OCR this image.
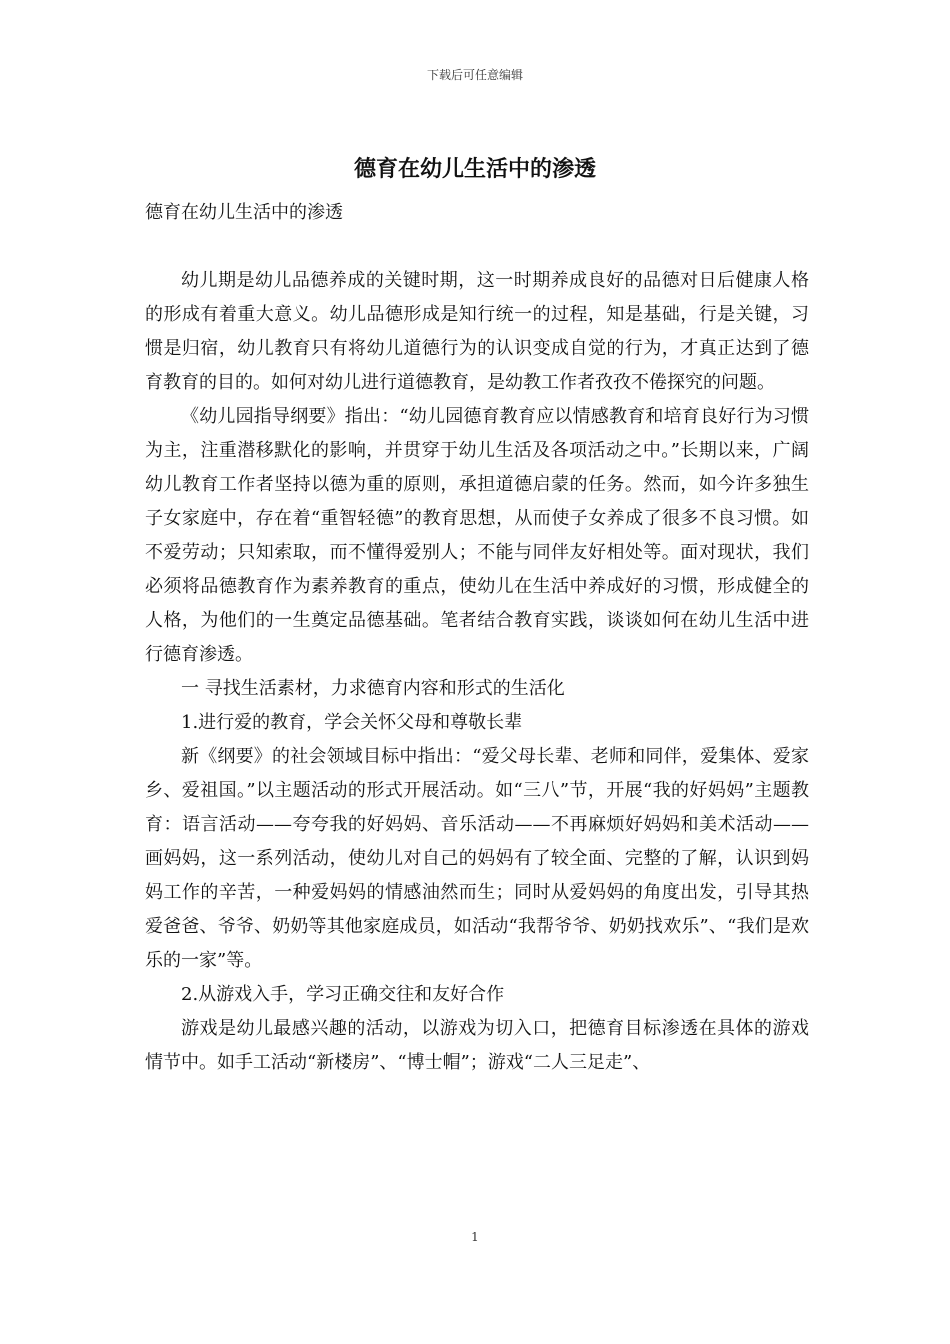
下载后可任意编辑
德育在幼儿生活中的渗透

德育在幼儿生活中的渗透

幼儿期是幼儿品德养成的关键时期，这一时期养成良好的品德对日后健康人格的形成有着重大意义。幼儿品德形成是知行统一的过程，知是基础，行是关键，习惯是归宿，幼儿教育只有将幼儿道德行为的认识变成自觉的行为，才真正达到了德育教育的目的。如何对幼儿进行道德教育，是幼教工作者孜孜不倦探究的问题。

《幼儿园指导纲要》指出：“幼儿园德育教育应以情感教育和培育良好行为习惯为主，注重潜移默化的影响，并贯穿于幼儿生活及各项活动之中。”长期以来，广阔幼儿教育工作者坚持以德为重的原则，承担道德启蒙的任务。然而，如今许多独生子女家庭中，存在着“重智轻德”的教育思想，从而使子女养成了很多不良习惯。如不爱劳动；只知索取，而不懂得爱别人；不能与同伴友好相处等。面对现状，我们必须将品德教育作为素养教育的重点，使幼儿在生活中养成好的习惯，形成健全的人格，为他们的一生奠定品德基础。笔者结合教育实践，谈谈如何在幼儿生活中进行德育渗透。

一 寻找生活素材，力求德育内容和形式的生活化

1.进行爱的教育，学会关怀父母和尊敬长辈

新《纲要》的社会领域目标中指出：“爱父母长辈、老师和同伴，爱集体、爱家乡、爱祖国。”以主题活动的形式开展活动。如“三八”节，开展“我的好妈妈”主题教育：语言活动——夸夸我的好妈妈、音乐活动——不再麻烦好妈妈和美术活动——画妈妈，这一系列活动，使幼儿对自己的妈妈有了较全面、完整的了解，认识到妈妈工作的辛苦，一种爱妈妈的情感油然而生；同时从爱妈妈的角度出发，引导其热爱爸爸、爷爷、奶奶等其他家庭成员，如活动“我帮爷爷、奶奶找欢乐”、“我们是欢乐的一家”等。

2.从游戏入手，学习正确交往和友好合作

游戏是幼儿最感兴趣的活动，以游戏为切入口，把德育目标渗透在具体的游戏情节中。如手工活动“新楼房”、“博士帽”；游戏“二人三足走”、

1
